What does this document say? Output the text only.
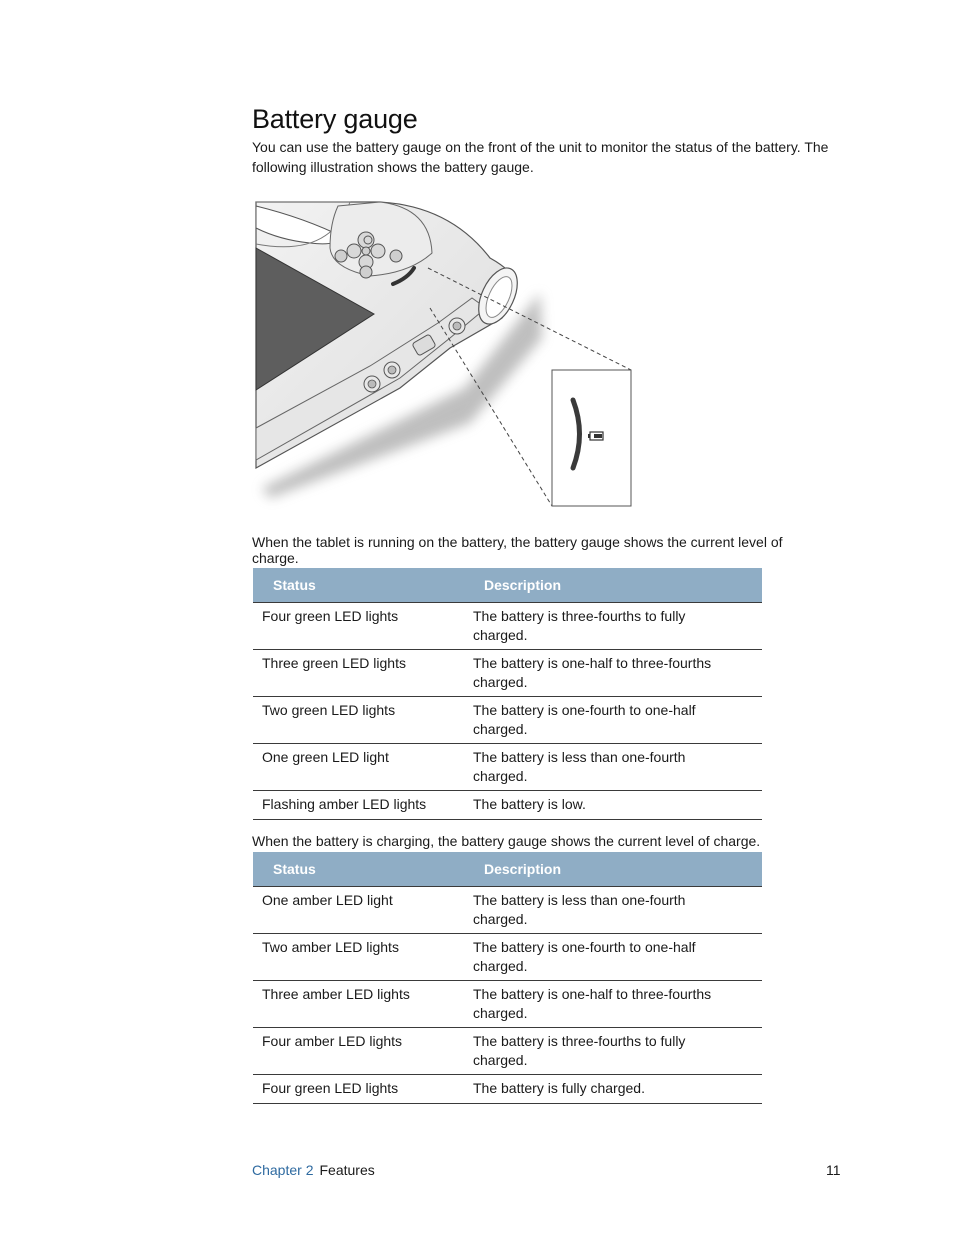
Battery gauge

You can use the battery gauge on the front of the unit to monitor the status of the battery. The following illustration shows the battery gauge.

When the tablet is running on the battery, the battery gauge shows the current level of charge.

Status	Description
Four green LED lights	The battery is three-fourths to fully charged.
Three green LED lights	The battery is one-half to three-fourths charged.
Two green LED lights	The battery is one-fourth to one-half charged.
One green LED light	The battery is less than one-fourth charged.
Flashing amber LED lights	The battery is low.

When the battery is charging, the battery gauge shows the current level of charge.

Status	Description
One amber LED light	The battery is less than one-fourth charged.
Two amber LED lights	The battery is one-fourth to one-half charged.
Three amber LED lights	The battery is one-half to three-fourths charged.
Four amber LED lights	The battery is three-fourths to fully charged.
Four green LED lights	The battery is fully charged.
Chapter 2 Features	11
